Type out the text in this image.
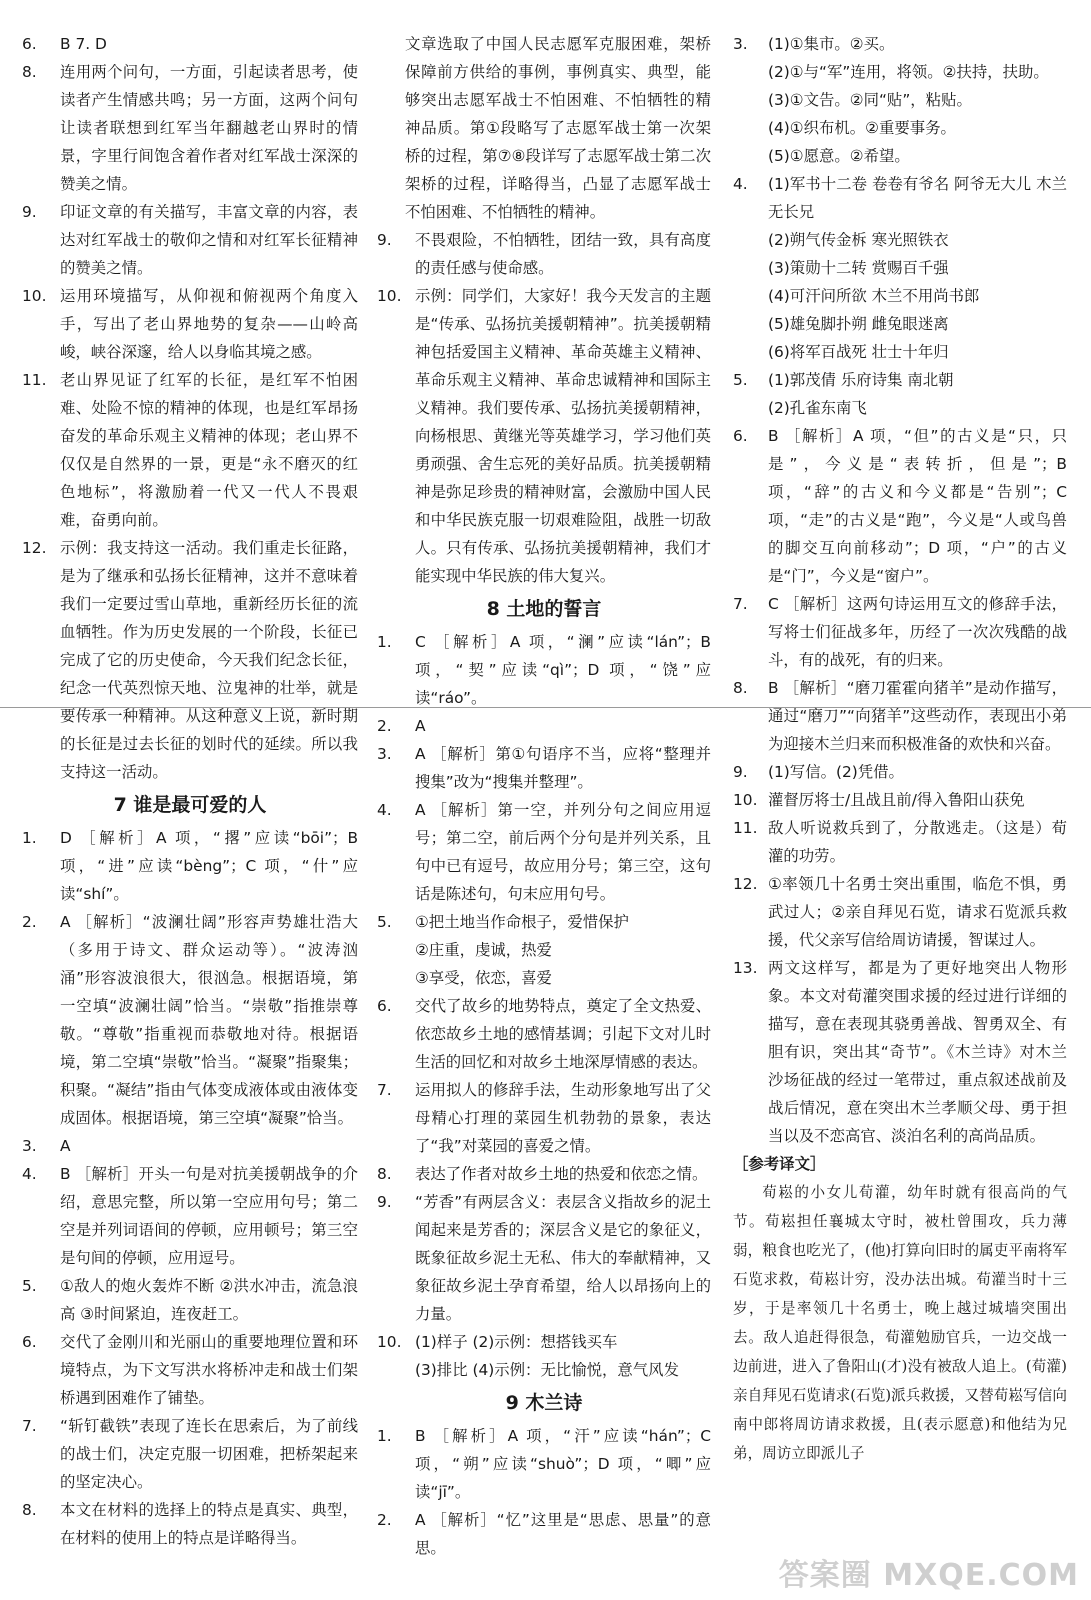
6.	B 7. D
8.	连用两个问句，一方面，引起读者思考，使读者产生情感共鸣；另一方面，这两个问句让读者联想到红军当年翻越老山界时的情景，字里行间饱含着作者对红军战士深深的赞美之情。
9.	印证文章的有关描写，丰富文章的内容，表达对红军战士的敬仰之情和对红军长征精神的赞美之情。
10. 运用环境描写，从仰视和俯视两个角度入手，写出了老山界地势的复杂——山岭高峻，峡谷深邃，给人以身临其境之感。
11. 老山界见证了红军的长征，是红军不怕困难、处险不惊的精神的体现，也是红军昂扬奋发的革命乐观主义精神的体现；老山界不仅仅是自然界的一景，更是“永不磨灭的红色地标”，将激励着一代又一代人不畏艰难，奋勇向前。
12. 示例：我支持这一活动。我们重走长征路，是为了继承和弘扬长征精神，这并不意味着我们一定要过雪山草地，重新经历长征的流血牺牲。作为历史发展的一个阶段，长征已完成了它的历史使命，今天我们纪念长征，纪念一代英烈惊天地、泣鬼神的壮举，就是要传承一种精神。从这种意义上说，新时期的长征是过去长征的划时代的延续。所以我支持这一活动。
7 谁是最可爱的人
1.	D ［解析］A 项，“撂”应读“bōi”；B 项，“进”应读“bèng”；C 项，“什”应读“shí”。
2.	A ［解析］“波澜壮阔”形容声势雄壮浩大（多用于诗文、群众运动等）。“波涛汹涌”形容波浪很大，很汹急。根据语境，第一空填“波澜壮阔”恰当。“崇敬”指推崇尊敬。“尊敬”指重视而恭敬地对待。根据语境，第二空填“崇敬”恰当。“凝聚”指聚集；积聚。“凝结”指由气体变成液体或由液体变成固体。根据语境，第三空填“凝聚”恰当。
3.	A
4.	B ［解析］开头一句是对抗美援朝战争的介绍，意思完整，所以第一空应用句号；第二空是并列词语间的停顿，应用顿号；第三空是句间的停顿，应用逗号。
5.	①敌人的炮火轰炸不断 ②洪水冲击，流急浪高 ③时间紧迫，连夜赶工。
6.	交代了金刚川和光丽山的重要地理位置和环境特点，为下文写洪水将桥冲走和战士们架桥遇到困难作了铺垫。
7.	“斩钉截铁”表现了连长在思索后，为了前线的战士们，决定克服一切困难，把桥架起来的坚定决心。
8.	本文在材料的选择上的特点是真实、典型，在材料的使用上的特点是详略得当。
文章选取了中国人民志愿军克服困难，架桥保障前方供给的事例，事例真实、典型，能够突出志愿军战士不怕困难、不怕牺牲的精神品质。第①段略写了志愿军战士第一次架桥的过程，第⑦⑧段详写了志愿军战士第二次架桥的过程，详略得当，凸显了志愿军战士不怕困难、不怕牺牲的精神。
9.	不畏艰险，不怕牺牲，团结一致，具有高度的责任感与使命感。
10. 示例：同学们，大家好！我今天发言的主题是“传承、弘扬抗美援朝精神”。抗美援朝精神包括爱国主义精神、革命英雄主义精神、革命乐观主义精神、革命忠诚精神和国际主义精神。我们要传承、弘扬抗美援朝精神，向杨根思、黄继光等英雄学习，学习他们英勇顽强、舍生忘死的美好品质。抗美援朝精神是弥足珍贵的精神财富，会激励中国人民和中华民族克服一切艰难险阻，战胜一切敌人。只有传承、弘扬抗美援朝精神，我们才能实现中华民族的伟大复兴。
8 土地的誓言
1.	C ［解析］A 项，“澜”应读“lán”；B 项，“契”应读“qì”；D 项，“饶”应读“ráo”。
2.	A
3.	A ［解析］第①句语序不当，应将“整理并搜集”改为“搜集并整理”。
4.	A ［解析］第一空，并列分句之间应用逗号；第二空，前后两个分句是并列关系，且句中已有逗号，故应用分号；第三空，这句话是陈述句，句末应用句号。
5.	①把土地当作命根子，爱惜保护
②庄重，虔诚，热爱
③享受，依恋，喜爱
6.	交代了故乡的地势特点，奠定了全文热爱、依恋故乡土地的感情基调；引起下文对儿时生活的回忆和对故乡土地深厚情感的表达。
7.	运用拟人的修辞手法，生动形象地写出了父母精心打理的菜园生机勃勃的景象，表达了“我”对菜园的喜爱之情。
8.	表达了作者对故乡土地的热爱和依恋之情。
9.	“芳香”有两层含义：表层含义指故乡的泥土闻起来是芳香的；深层含义是它的象征义，既象征故乡泥土无私、伟大的奉献精神，又象征故乡泥土孕育希望，给人以昂扬向上的力量。
10. (1)样子 (2)示例：想搭钱买车
(3)排比 (4)示例：无比愉悦，意气风发
9 木兰诗
1.	B ［解析］A 项，“汗”应读“hán”；C 项，“朔”应读“shuò”；D 项，“唧”应读“jī”。
2.	A ［解析］“忆”这里是“思虑、思量”的意思。
3.	(1)①集市。②买。
(2)①与“军”连用，将领。②扶持，扶助。
(3)①文告。②同“贴”，粘贴。
(4)①织布机。②重要事务。
(5)①愿意。②希望。
4.	(1)军书十二卷 卷卷有爷名 阿爷无大儿 木兰无长兄
(2)朔气传金柝 寒光照铁衣
(3)策勋十二转 赏赐百千强
(4)可汗问所欲 木兰不用尚书郎
(5)雄兔脚扑朔 雌兔眼迷离
(6)将军百战死 壮士十年归
5.	(1)郭茂倩 乐府诗集 南北朝
(2)孔雀东南飞
6.	B ［解析］A 项，“但”的古义是“只，只是”，今义是“表转折，但是”；B 项，“辞”的古义和今义都是“告别”；C 项，“走”的古义是“跑”，今义是“人或鸟兽的脚交互向前移动”；D 项，“户”的古义是“门”，今义是“窗户”。
7.	C ［解析］这两句诗运用互文的修辞手法，写将士们征战多年，历经了一次次残酷的战斗，有的战死，有的归来。
8.	B ［解析］“磨刀霍霍向猪羊”是动作描写，通过“磨刀”“向猪羊”这些动作，表现出小弟为迎接木兰归来而积极准备的欢快和兴奋。
9.	(1)写信。(2)凭借。
10. 灌督厉将士/且战且前/得入鲁阳山获免
11. 敌人听说救兵到了，分散逃走。（这是）荀灌的功劳。
12. ①率领几十名勇士突出重围，临危不惧，勇武过人；②亲自拜见石览，请求石览派兵救援，代父亲写信给周访请援，智谋过人。
13. 两文这样写，都是为了更好地突出人物形象。本文对荀灌突围求援的经过进行详细的描写，意在表现其骁勇善战、智勇双全、有胆有识，突出其“奇节”。《木兰诗》对木兰沙场征战的经过一笔带过，重点叙述战前及战后情况，意在突出木兰孝顺父母、勇于担当以及不恋高官、淡泊名利的高尚品质。
［参考译文］
荀崧的小女儿荀灌，幼年时就有很高尚的气节。荀崧担任襄城太守时，被杜曾围攻，兵力薄弱，粮食也吃光了，(他)打算向旧时的属吏平南将军石览求救，荀崧计穷，没办法出城。荀灌当时十三岁，于是率领几十名勇士，晚上越过城墙突围出去。敌人追赶得很急，荀灌勉励官兵，一边交战一边前进，进入了鲁阳山(才)没有被敌人追上。(荀灌)亲自拜见石览请求(石览)派兵救援，又替荀崧写信向南中郎将周访请求救援，且(表示愿意)和他结为兄弟，周访立即派儿子
答案圈 MXQE.COM
